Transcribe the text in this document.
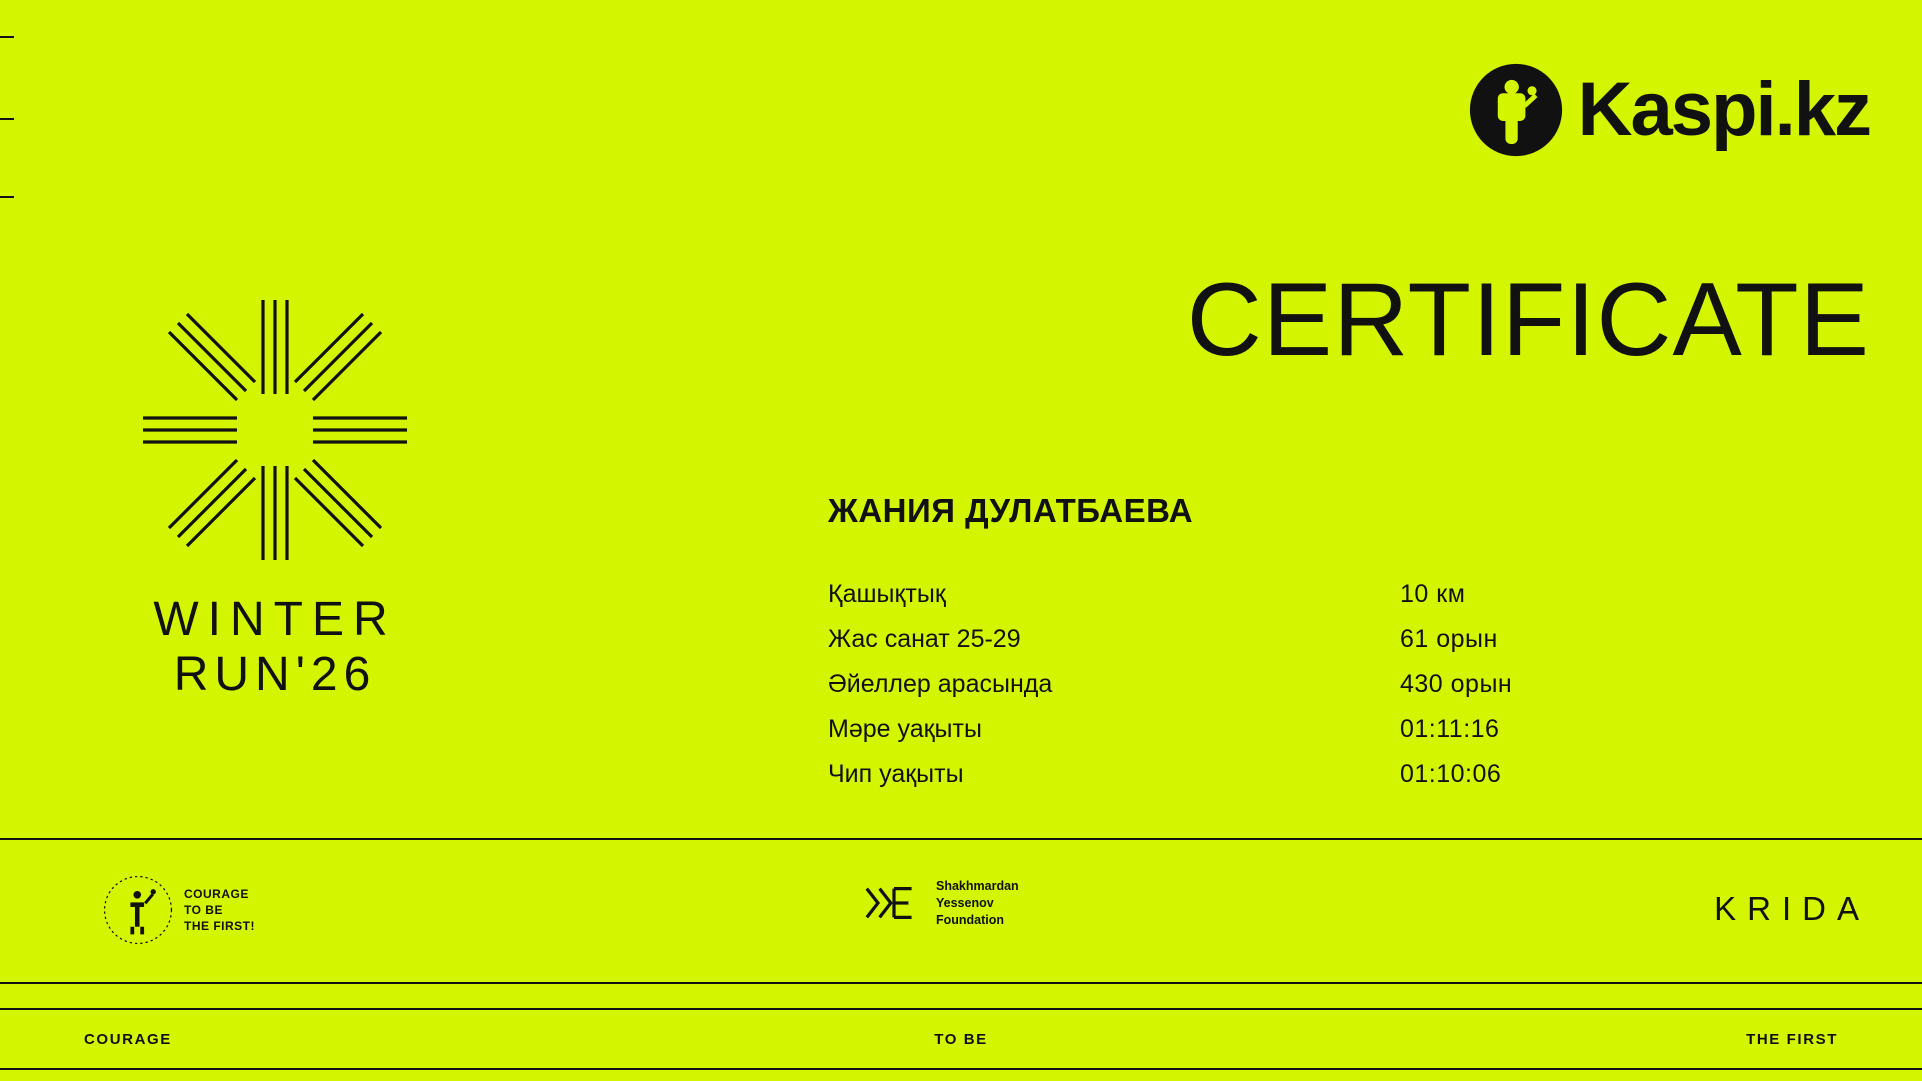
Kaspi.kz
CERTIFICATE
ЖАНИЯ ДУЛАТБАЕВА
Қашықтық	10 км
Жас санат 25-29	61 орын
Әйеллер арасында	430 орын
Мәре уақыты	01:11:16
Чип уақыты	01:10:06
WINTER
RUN'26
COURAGE
TO BE
THE FIRST!
Shakhmardan
Yessenov
Foundation	KRIDA
COURAGE	TO BE	THE FIRST
